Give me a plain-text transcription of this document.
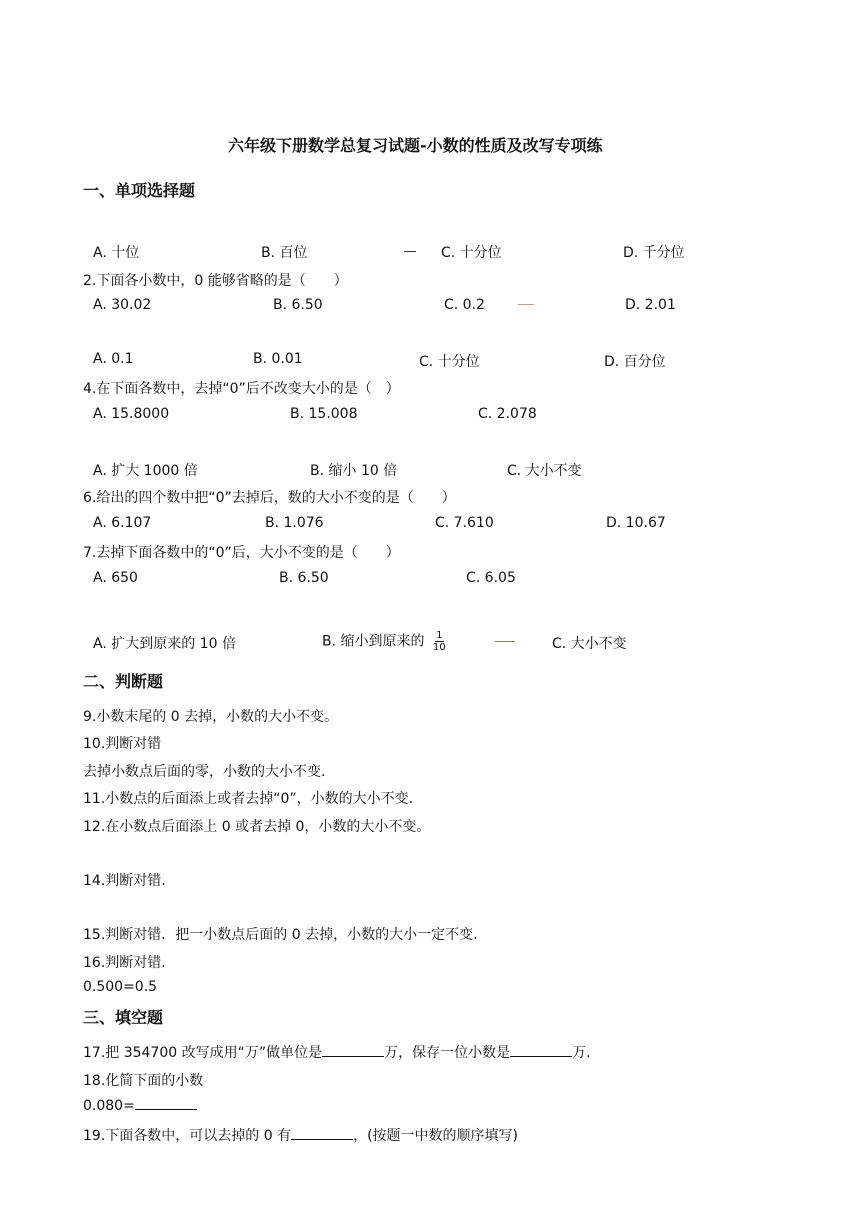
六年级下册数学总复习试题-小数的性质及改写专项练
一、单项选择题
A. 十位	B. 百位	C. 十分位	D. 千分位
2.下面各小数中，0 能够省略的是（　　）
A. 30.02	B. 6.50	C. 0.2	D. 2.01
A. 0.1	B. 0.01	C. 十分位	D. 百分位
4.在下面各数中，去掉“0”后不改变大小的是（　）
A. 15.8000	B. 15.008	C. 2.078
A. 扩大 1000 倍	B. 缩小 10 倍	C. 大小不变
6.给出的四个数中把“0”去掉后，数的大小不变的是（　　）
A. 6.107	B. 1.076	C. 7.610	D. 10.67
7.去掉下面各数中的“0”后，大小不变的是（　　）
A. 650	B. 6.50	C. 6.05
A. 扩大到原来的 10 倍	B. 缩小到原来的 $\frac{1}{10}$	C. 大小不变
二、判断题
9.小数末尾的 0 去掉，小数的大小不变。
10.判断对错
去掉小数点后面的零，小数的大小不变.
11.小数点的后面添上或者去掉“0”，小数的大小不变.
12.在小数点后面添上 0 或者去掉 0，小数的大小不变。
14.判断对错.
15.判断对错．把一小数点后面的 0 去掉，小数的大小一定不变.
16.判断对错.
0.500=0.5
三、填空题
17.把 354700 改写成用“万”做单位是	万，保存一位小数是	万.
18.化简下面的小数
0.080=
19.下面各数中，可以去掉的 0 有	，(按题一中数的顺序填写)
